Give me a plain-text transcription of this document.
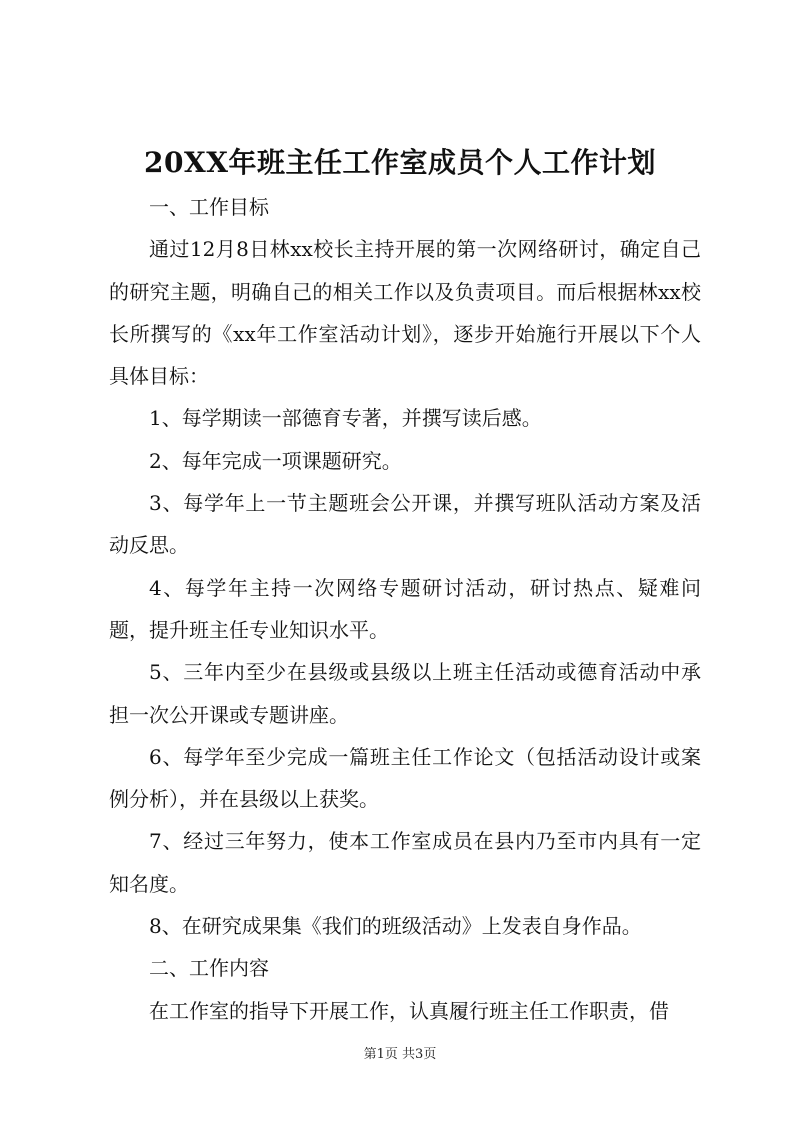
20XX年班主任工作室成员个人工作计划

一、工作目标

通过12月8日林xx校长主持开展的第一次网络研讨，确定自己的研究主题，明确自己的相关工作以及负责项目。而后根据林xx校长所撰写的《xx年工作室活动计划》，逐步开始施行开展以下个人具体目标：

1、每学期读一部德育专著，并撰写读后感。

2、每年完成一项课题研究。

3、每学年上一节主题班会公开课，并撰写班队活动方案及活动反思。

4、每学年主持一次网络专题研讨活动，研讨热点、疑难问题，提升班主任专业知识水平。

5、三年内至少在县级或县级以上班主任活动或德育活动中承担一次公开课或专题讲座。

6、每学年至少完成一篇班主任工作论文（包括活动设计或案例分析），并在县级以上获奖。

7、经过三年努力，使本工作室成员在县内乃至市内具有一定知名度。

8、在研究成果集《我们的班级活动》上发表自身作品。

二、工作内容

在工作室的指导下开展工作，认真履行班主任工作职责，借

第1页 共3页
